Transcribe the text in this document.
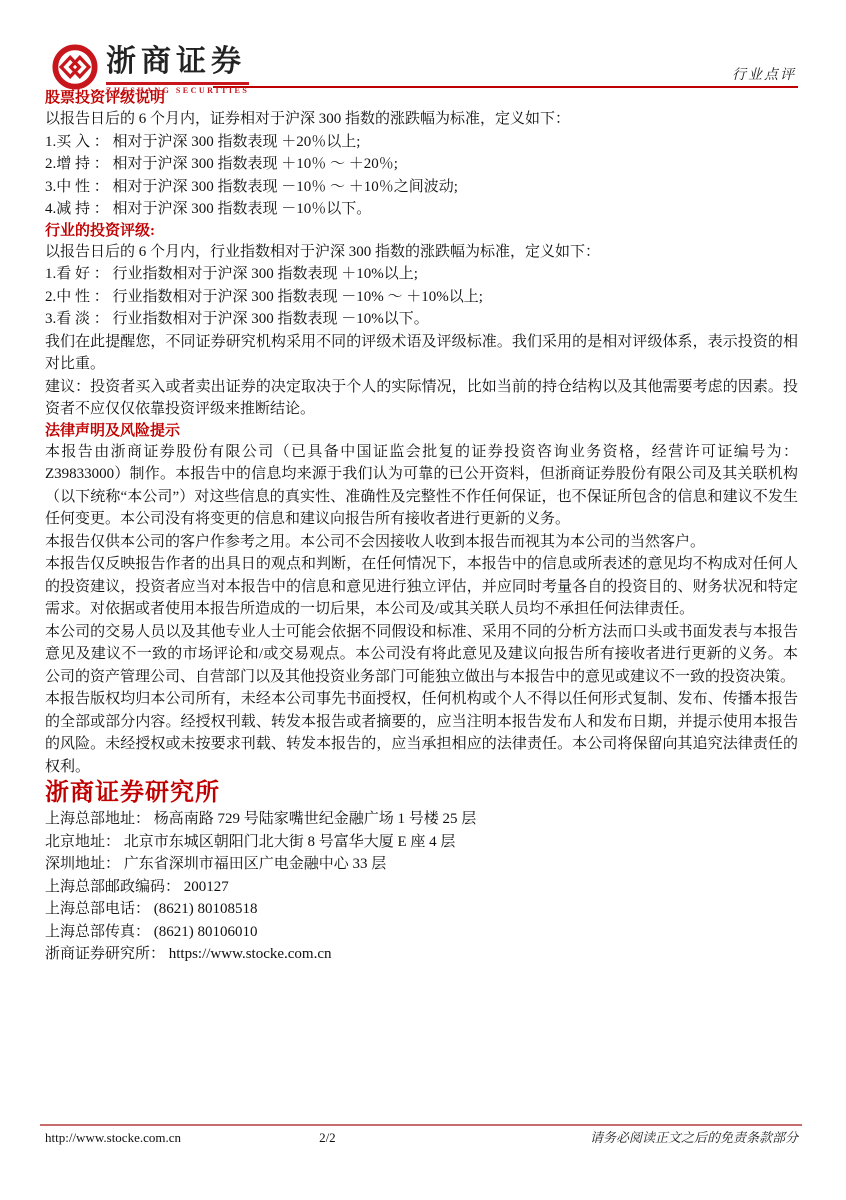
浙商证券
ZHESHANG SECURITIES
行业点评

股票投资评级说明

以报告日后的 6 个月内，证券相对于沪深 300 指数的涨跌幅为标准，定义如下：

1.买 入 ： 相对于沪深 300 指数表现 ＋20％以上;

2.增 持 ： 相对于沪深 300 指数表现 ＋10％ ～ ＋20％;

3.中 性 ： 相对于沪深 300 指数表现 －10％ ～ ＋10％之间波动;

4.减 持 ： 相对于沪深 300 指数表现 －10％以下。

行业的投资评级:

以报告日后的 6 个月内，行业指数相对于沪深 300 指数的涨跌幅为标准，定义如下：

1.看 好 ： 行业指数相对于沪深 300 指数表现 ＋10%以上;

2.中 性 ： 行业指数相对于沪深 300 指数表现 －10% ～ ＋10%以上;

3.看 淡 ： 行业指数相对于沪深 300 指数表现 －10%以下。

我们在此提醒您，不同证券研究机构采用不同的评级术语及评级标准。我们采用的是相对评级体系，表示投资的相对比重。

建议：投资者买入或者卖出证券的决定取决于个人的实际情况，比如当前的持仓结构以及其他需要考虑的因素。投资者不应仅仅依靠投资评级来推断结论。

法律声明及风险提示

本报告由浙商证券股份有限公司（已具备中国证监会批复的证券投资咨询业务资格，经营许可证编号为：Z39833000）制作。本报告中的信息均来源于我们认为可靠的已公开资料，但浙商证券股份有限公司及其关联机构（以下统称“本公司”）对这些信息的真实性、准确性及完整性不作任何保证，也不保证所包含的信息和建议不发生任何变更。本公司没有将变更的信息和建议向报告所有接收者进行更新的义务。

本报告仅供本公司的客户作参考之用。本公司不会因接收人收到本报告而视其为本公司的当然客户。

本报告仅反映报告作者的出具日的观点和判断，在任何情况下，本报告中的信息或所表述的意见均不构成对任何人的投资建议，投资者应当对本报告中的信息和意见进行独立评估，并应同时考量各自的投资目的、财务状况和特定需求。对依据或者使用本报告所造成的一切后果，本公司及/或其关联人员均不承担任何法律责任。

本公司的交易人员以及其他专业人士可能会依据不同假设和标准、采用不同的分析方法而口头或书面发表与本报告意见及建议不一致的市场评论和/或交易观点。本公司没有将此意见及建议向报告所有接收者进行更新的义务。本公司的资产管理公司、自营部门以及其他投资业务部门可能独立做出与本报告中的意见或建议不一致的投资决策。

本报告版权均归本公司所有，未经本公司事先书面授权，任何机构或个人不得以任何形式复制、发布、传播本报告的全部或部分内容。经授权刊载、转发本报告或者摘要的，应当注明本报告发布人和发布日期，并提示使用本报告的风险。未经授权或未按要求刊载、转发本报告的，应当承担相应的法律责任。本公司将保留向其追究法律责任的权利。

浙商证券研究所

上海总部地址： 杨高南路 729 号陆家嘴世纪金融广场 1 号楼 25 层

北京地址： 北京市东城区朝阳门北大街 8 号富华大厦 E 座 4 层

深圳地址： 广东省深圳市福田区广电金融中心 33 层

上海总部邮政编码： 200127

上海总部电话： (8621) 80108518

上海总部传真： (8621) 80106010

浙商证券研究所： https://www.stocke.com.cn

http://www.stocke.com.cn	2/2	请务必阅读正文之后的免责条款部分
